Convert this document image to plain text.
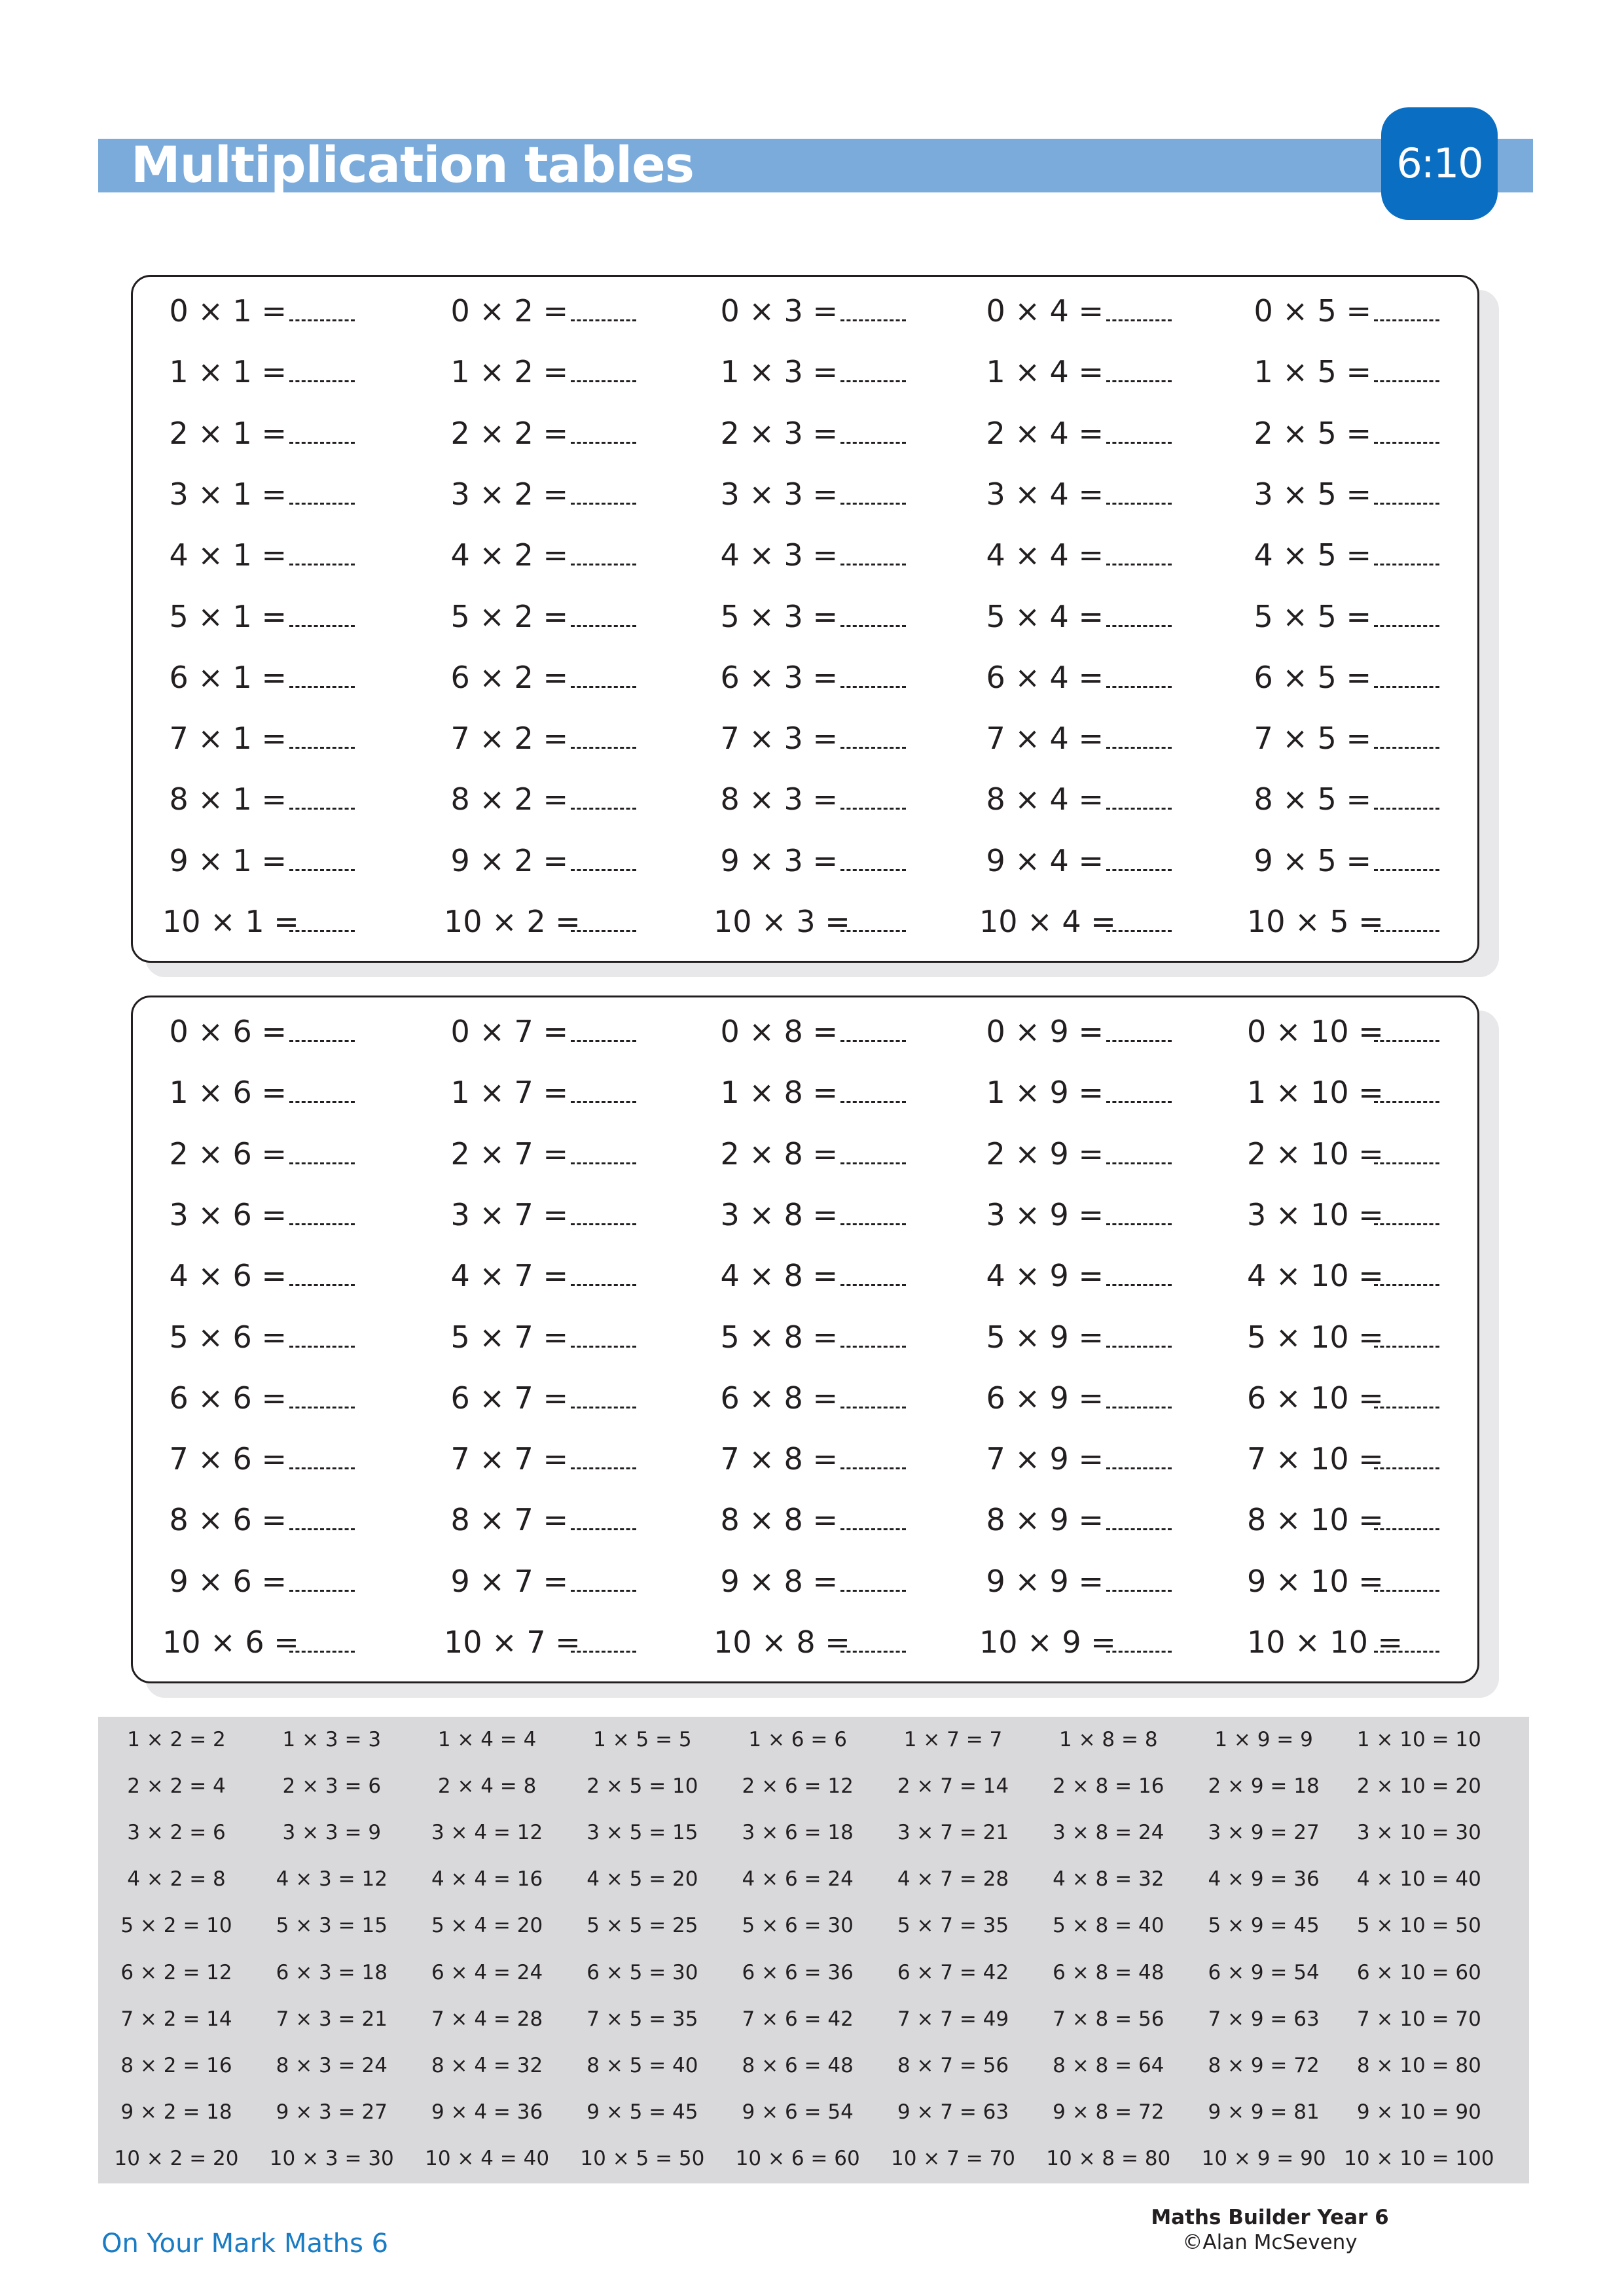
Multiplication tables	6:10
1 × 2 = 2	1 × 3 = 3	1 × 4 = 4	1 × 5 = 5	1 × 6 = 6	1 × 7 = 7	1 × 8 = 8	1 × 9 = 9	1 × 10 = 10
2 × 2 = 4	2 × 3 = 6	2 × 4 = 8	2 × 5 = 10	2 × 6 = 12	2 × 7 = 14	2 × 8 = 16	2 × 9 = 18	2 × 10 = 20
3 × 2 = 6	3 × 3 = 9	3 × 4 = 12	3 × 5 = 15	3 × 6 = 18	3 × 7 = 21	3 × 8 = 24	3 × 9 = 27	3 × 10 = 30
4 × 2 = 8	4 × 3 = 12	4 × 4 = 16	4 × 5 = 20	4 × 6 = 24	4 × 7 = 28	4 × 8 = 32	4 × 9 = 36	4 × 10 = 40
5 × 2 = 10	5 × 3 = 15	5 × 4 = 20	5 × 5 = 25	5 × 6 = 30	5 × 7 = 35	5 × 8 = 40	5 × 9 = 45	5 × 10 = 50
6 × 2 = 12	6 × 3 = 18	6 × 4 = 24	6 × 5 = 30	6 × 6 = 36	6 × 7 = 42	6 × 8 = 48	6 × 9 = 54	6 × 10 = 60
7 × 2 = 14	7 × 3 = 21	7 × 4 = 28	7 × 5 = 35	7 × 6 = 42	7 × 7 = 49	7 × 8 = 56	7 × 9 = 63	7 × 10 = 70
8 × 2 = 16	8 × 3 = 24	8 × 4 = 32	8 × 5 = 40	8 × 6 = 48	8 × 7 = 56	8 × 8 = 64	8 × 9 = 72	8 × 10 = 80
9 × 2 = 18	9 × 3 = 27	9 × 4 = 36	9 × 5 = 45	9 × 6 = 54	9 × 7 = 63	9 × 8 = 72	9 × 9 = 81	9 × 10 = 90
10 × 2 = 20	10 × 3 = 30	10 × 4 = 40	10 × 5 = 50	10 × 6 = 60	10 × 7 = 70	10 × 8 = 80	10 × 9 = 90 10 × 10 = 100
On Your Mark Maths 6
Maths Builder Year 6
©Alan McSeveny
0 × 1 =	0 × 2 =	0 × 3 =	0 × 4 =	0 × 5 =
1 × 1 =	1 × 2 =	1 × 3 =	1 × 4 =	1 × 5 =
2 × 1 =	2 × 2 =	2 × 3 =	2 × 4 =	2 × 5 =
3 × 1 =	3 × 2 =	3 × 3 =	3 × 4 =	3 × 5 =
4 × 1 =	4 × 2 =	4 × 3 =	4 × 4 =	4 × 5 =
5 × 1 =	5 × 2 =	5 × 3 =	5 × 4 =	5 × 5 =
6 × 1 =	6 × 2 =	6 × 3 =	6 × 4 =	6 × 5 =
7 × 1 =	7 × 2 =	7 × 3 =	7 × 4 =	7 × 5 =
8 × 1 =	8 × 2 =	8 × 3 =	8 × 4 =	8 × 5 =
9 × 1 =	9 × 2 =	9 × 3 =	9 × 4 =	9 × 5 =
10 × 1 =	10 × 2 =	10 × 3 =	10 × 4 =	10 × 5 =
0 × 6 =	0 × 7 =	0 × 8 =	0 × 9 =	0 × 10 =
1 × 6 =	1 × 7 =	1 × 8 =	1 × 9 =	1 × 10 =
2 × 6 =	2 × 7 =	2 × 8 =	2 × 9 =	2 × 10 =
3 × 6 =	3 × 7 =	3 × 8 =	3 × 9 =	3 × 10 =
4 × 6 =	4 × 7 =	4 × 8 =	4 × 9 =	4 × 10 =
5 × 6 =	5 × 7 =	5 × 8 =	5 × 9 =	5 × 10 =
6 × 6 =	6 × 7 =	6 × 8 =	6 × 9 =	6 × 10 =
7 × 6 =	7 × 7 =	7 × 8 =	7 × 9 =	7 × 10 =
8 × 6 =	8 × 7 =	8 × 8 =	8 × 9 =	8 × 10 =
9 × 6 =	9 × 7 =	9 × 8 =	9 × 9 =	9 × 10 =
10 × 6 =	10 × 7 =	10 × 8 =	10 × 9 =	10 × 10 =
